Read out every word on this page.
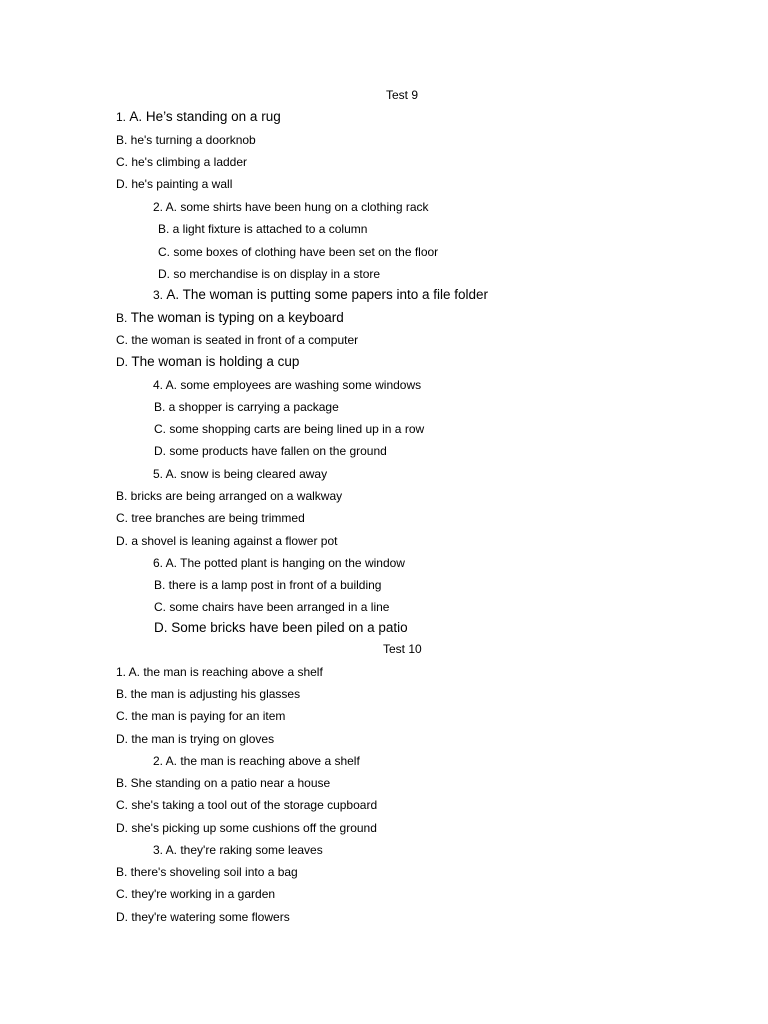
Test 9
1. A. He’s standing on a rug
B. he's turning a doorknob
C. he's climbing a ladder
D. he's painting a wall
2. A. some shirts have been hung on a clothing rack
B. a light fixture is attached to a column
C. some boxes of clothing have been set on the floor
D. so merchandise is on display in a store
3. A. The woman is putting some papers into a file folder
B. The woman is typing on a keyboard
C. the woman is seated in front of a computer
D. The woman is holding a cup
4. A. some employees are washing some windows
B. a shopper is carrying a package
C. some shopping carts are being lined up in a row
D. some products have fallen on the ground
5. A. snow is being cleared away
B. bricks are being arranged on a walkway
C. tree branches are being trimmed
D. a shovel is leaning against a flower pot
6. A. The potted plant is hanging on the window
B. there is a lamp post in front of a building
C. some chairs have been arranged in a line
D. Some bricks have been piled on a patio
Test 10
1. A. the man is reaching above a shelf
B. the man is adjusting his glasses
C. the man is paying for an item
D. the man is trying on gloves
2. A. the man is reaching above a shelf
B. She standing on a patio near a house
C. she's taking a tool out of the storage cupboard
D. she's picking up some cushions off the ground
3. A. they're raking some leaves
B. there's shoveling soil into a bag
C. they're working in a garden
D. they're watering some flowers
